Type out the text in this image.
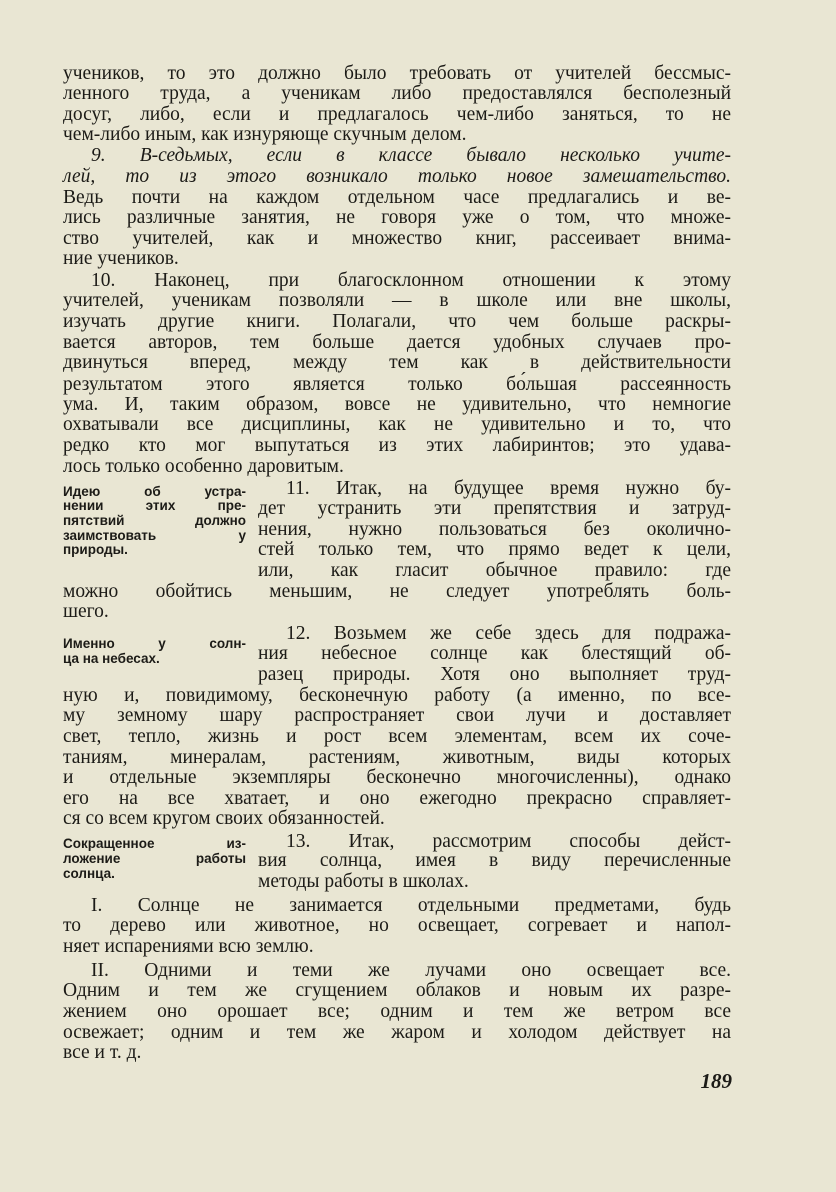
учеников, то это должно было требовать от учителей бессмыс-
ленного труда, а ученикам либо предоставлялся бесполезный
досуг, либо, если и предлагалось чем-либо заняться, то не
чем-либо иным, как изнуряюще скучным делом.
9. В-седьмых, если в классе бывало несколько учите-
лей, то из этого возникало только новое замешательство.
Ведь почти на каждом отдельном часе предлагались и ве-
лись различные занятия, не говоря уже о том, что множе-
ство учителей, как и множество книг, рассеивает внима-
ние учеников.
10. Наконец, при благосклонном отношении к этому
учителей, ученикам позволяли — в школе или вне школы,
изучать другие книги. Полагали, что чем больше раскры-
вается авторов, тем больше дается удобных случаев про-
двинуться вперед, между тем как в действительности
результатом этого является только бо́льшая рассеянность
ума. И, таким образом, вовсе не удивительно, что немногие
охватывали все дисциплины, как не удивительно и то, что
редко кто мог выпутаться из этих лабиринтов; это удава-
лось только особенно даровитым.
11. Итак, на будущее время нужно бу-
дет устранить эти препятствия и затруд-
нения, нужно пользоваться без околично-
стей только тем, что прямо ведет к цели,
или, как гласит обычное правило: где
можно обойтись меньшим, не следует употреблять боль-
шего.
Идею об устра-
нении этих пре-
пятствий должно
заимствовать у
природы.
12. Возьмем же себе здесь для подража-
ния небесное солнце как блестящий об-
разец природы. Хотя оно выполняет труд-
ную и, повидимому, бесконечную работу (а именно, по все-
му земному шару распространяет свои лучи и доставляет
свет, тепло, жизнь и рост всем элементам, всем их соче-
таниям, минералам, растениям, животным, виды которых
и отдельные экземпляры бесконечно многочисленны), однако
его на все хватает, и оно ежегодно прекрасно справляет-
ся со всем кругом своих обязанностей.
Именно у солн-
ца на небесах.
13. Итак, рассмотрим способы дейст-
вия солнца, имея в виду перечисленные
методы работы в школах.
Сокращенное из-
ложение работы
солнца.
I. Солнце не занимается отдельными предметами, будь
то дерево или животное, но освещает, согревает и напол-
няет испарениями всю землю.
II. Одними и теми же лучами оно освещает все.
Одним и тем же сгущением облаков и новым их разре-
жением оно орошает все; одним и тем же ветром все
освежает; одним и тем же жаром и холодом действует на
все и т. д.
189
